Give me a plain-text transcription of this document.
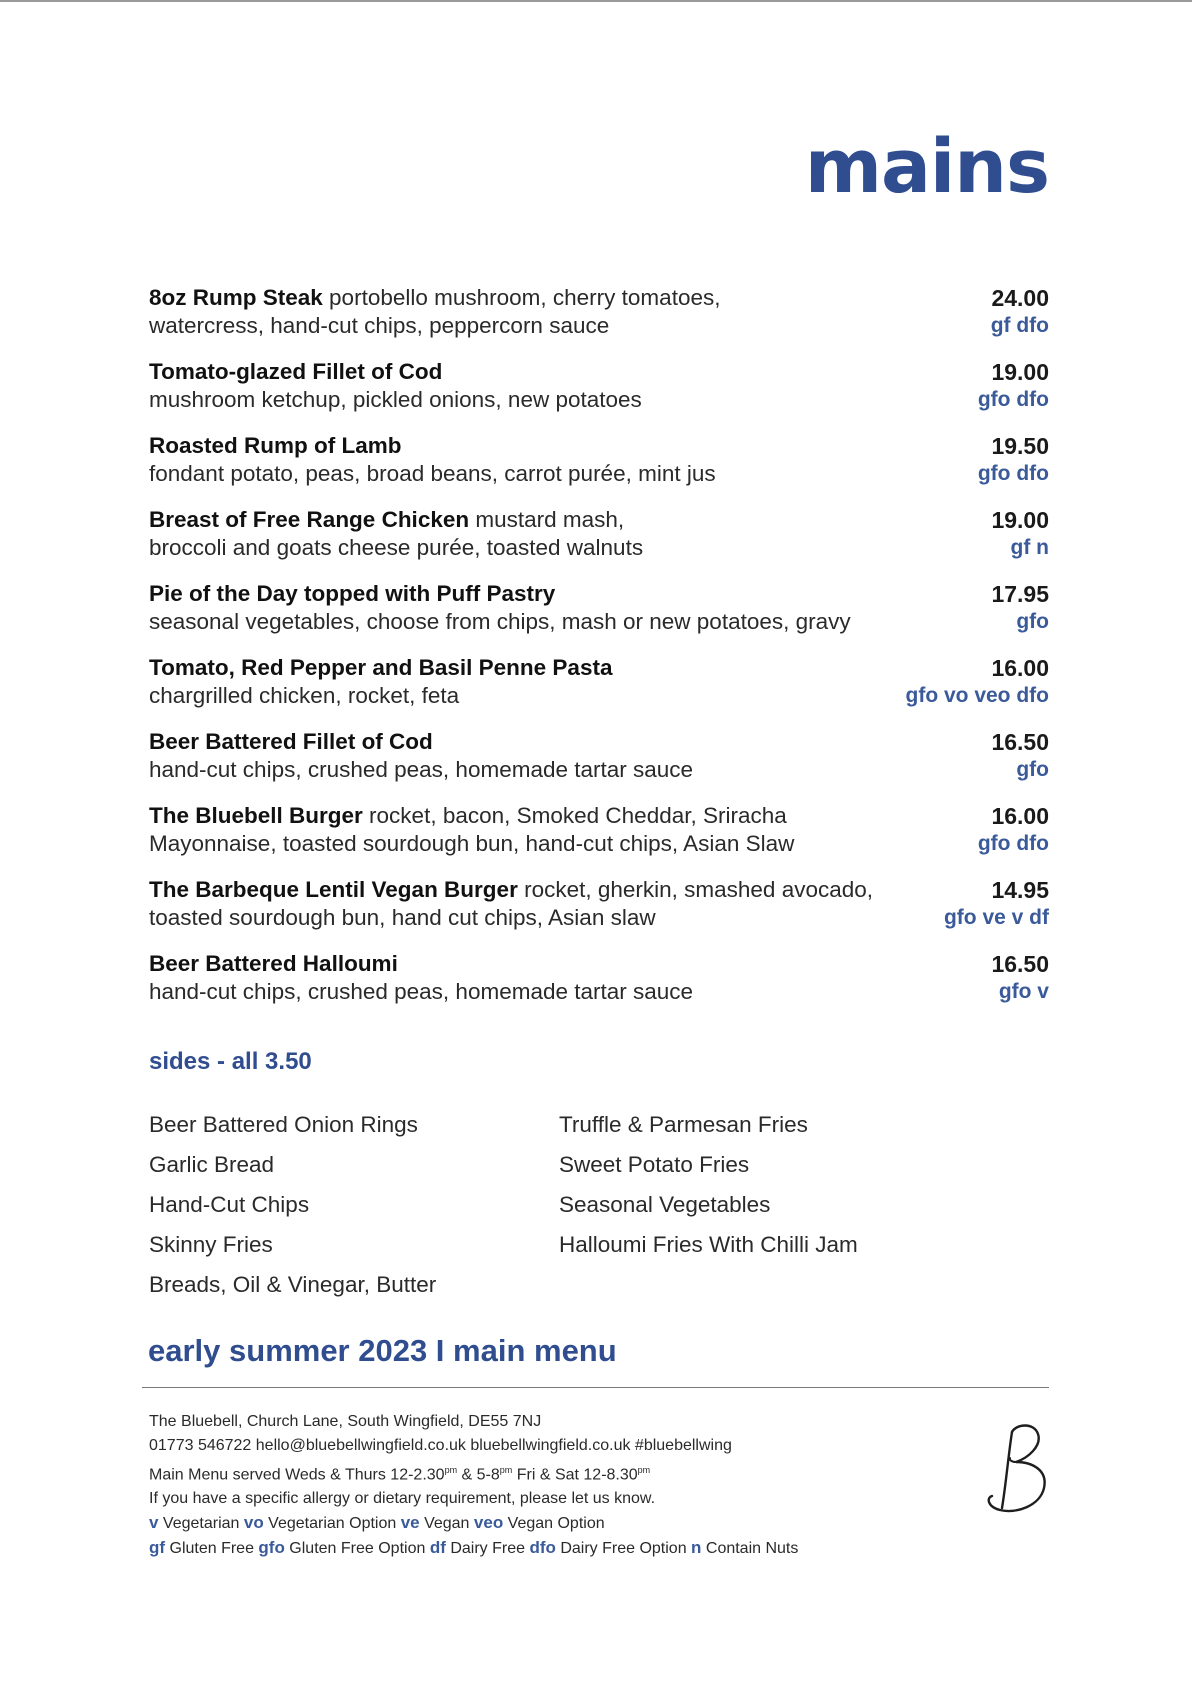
mains
8oz Rump Steak portobello mushroom, cherry tomatoes,
watercress, hand-cut chips, peppercorn sauce
24.00
gf dfo
Tomato-glazed Fillet of Cod
mushroom ketchup, pickled onions, new potatoes
19.00
gfo dfo
Roasted Rump of Lamb
fondant potato, peas, broad beans, carrot purée, mint jus
19.50
gfo dfo
Breast of Free Range Chicken mustard mash,
broccoli and goats cheese purée, toasted walnuts
19.00
gf n
Pie of the Day topped with Puff Pastry
seasonal vegetables, choose from chips, mash or new potatoes, gravy
17.95
gfo
Tomato, Red Pepper and Basil Penne Pasta
chargrilled chicken, rocket, feta
16.00
gfo vo veo dfo
Beer Battered Fillet of Cod
hand-cut chips, crushed peas, homemade tartar sauce
16.50
gfo
The Bluebell Burger rocket, bacon, Smoked Cheddar, Sriracha
Mayonnaise, toasted sourdough bun, hand-cut chips, Asian Slaw
16.00
gfo dfo
The Barbeque Lentil Vegan Burger rocket, gherkin, smashed avocado,
toasted sourdough bun, hand cut chips, Asian slaw
14.95
gfo ve v df
Beer Battered Halloumi
hand-cut chips, crushed peas, homemade tartar sauce
16.50
gfo v
sides - all 3.50
Beer Battered Onion Rings
Garlic Bread
Hand-Cut Chips
Skinny Fries
Breads, Oil & Vinegar, Butter
Truffle & Parmesan Fries
Sweet Potato Fries
Seasonal Vegetables
Halloumi Fries With Chilli Jam
early summer 2023 I main menu
The Bluebell, Church Lane, South Wingfield, DE55 7NJ
01773 546722 hello@bluebellwingfield.co.uk bluebellwingfield.co.uk #bluebellwing
Main Menu served Weds & Thurs $12-2.30^{pm}$ & $5-8^{pm}$ Fri & Sat $12-8.30^{pm}$
If you have a specific allergy or dietary requirement, please let us know.
v Vegetarian vo Vegetarian Option ve Vegan veo Vegan Option
gf Gluten Free gfo Gluten Free Option df Dairy Free dfo Dairy Free Option n Contain Nuts
